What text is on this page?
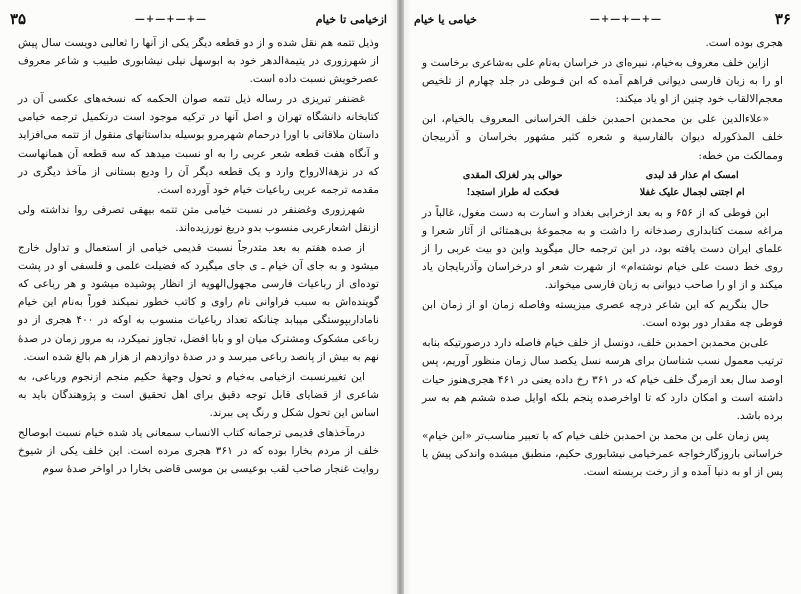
ازخیامی تا خیام
—+—+—+—
۳۵

وذیل تتمه هم نقل شده و از دو قطعه دیگر یکی از آنها را ثعالبی دویست سال پیش از شهرزوری در یتیمةالدهر خود به ابوسهل نیلی نیشابوری طبیب و شاعر معروف عصرخویش نسبت داده است.

غضنفر تبریزی در رساله ذیل تتمه صوان الحکمه که نسخه‌های عکسی آن در کتابخانه دانشگاه تهران و اصل آنها در ترکیه موجود است درتکمیل ترجمه خیامی داستان ملاقاتی با اورا درحمام شهرمرو بوسیله بداستانهای منقول از تتمه می‌افزاید و آنگاه هفت قطعه شعر عربی را به او نسبت میدهد که سه قطعه آن همانهاست که در نزهةالارواح وارد و یک قطعه دیگر آن را ودیع بستانی از مآخذ دیگری در مقدمه ترجمه عربی رباعیات خیام خود آورده است.

شهرزوری وغضنفر در نسبت خیامی متن تتمه بیهقی تصرفی روا نداشته ولی ازنقل اشعارعربی منسوب بدو دریغ نورزیده‌اند.

از صده هفتم به بعد متدرجاً نسبت قدیمی خیامی از استعمال و تداول خارج میشود و به جای آن خیام ـ ی جای میگیرد که فضیلت علمی و فلسفی او در پشت توده‌ای از رباعیات فارسی مجهول‌الهویه از انظار پوشیده میشود و هر رباعی که گوینده‌اش به سبب فراوانی نام راوی و کاتب خطور نمیکند فوراً به‌نام این خیام ناماد‌اربپوستگی میبابد چنانکه تعداد رباعیات منسوب به اوکه در ۴۰۰ هجری از دو رباعی مشکوک ومشترک میان او و بابا افضل، تجاوز نمیکرد، به مرور زمان در صدهٔ نهم به بیش از پانصد رباعی میرسد و در صدهٔ دوازدهم از هزار هم بالغ شده است.

این تغییرنسبت ازخیامی به‌خیام و تحول وجههٔ حکیم منجم ازنجوم ورباعی، به شاعری از قضایای قابل توجه دقیق برای اهل تحقیق است و پژوهندگان باید به اساس این تحول شکل و رنگ پی ببرند.

درمآخذهای قدیمی ترجمانه کتاب الانساب سمعانی یاد شده خیام نسبت ابوصالح خلف از مردم بخارا بوده که در ۳۶۱ هجری مرده است. این خلف یکی از شیوخ روایت غنجار صاحب لقب بوعیسی بن موسی قاضی بخارا در اواخر صدهٔ سوم

۳۶
—+—+—+—
خیامی یا خیام

هجری بوده است.

ازاین خلف معروف به‌خیام، نبیره‌ای در خراسان به‌نام علی به‌شاعری برخاست و او را به زبان فارسی دیوانی فراهم آمده که ابن فـوطی در جلد چهارم از تلخیص معجم‌الالقاب خود چنین از او یاد میکند:

«علاءالدین علی بن محمدبن احمدبن خلف الخراسانی المعروف بالخیام، ابن خلف المذکورله دیوان بالفارسیة و شعره کثیر مشهور بخراسان و آذربیجان وممالکت من خطه:

امسک ام عذار قد لبدی
حوالی بدر لغزلک المقدی
ام اجتنی لجمال علیک غفلا
فحکت له طراز استجد!

ابن فوطی که از ۶۵۶ و به بعد ازخرابی بغداد و اسارت به دست مغول، غالباً در مراغه سمت کتابداری رصدخانه را داشت و به مجموعهٔ بی‌همتائی از آثار شعرا و علمای ایران دست یافته بود، در این ترجمه حال میگوید واین دو بیت عربی را از روی خط دست علی خیام نوشته‌ام» از شهرت شعر او درخراسان وآذربایجان یاد میکند و از او را صاحب دیوانی به زبان فارسی میخواند.

حال بنگریم که این شاعر درچه عصری میزیسته وفاصله زمان او از زمان ابن فوطی چه مقدار دور بوده است.

علی‌بن محمدبن احمدبن خلف، دونسل از خلف خیام فاصله دارد درصورتیکه بنابه ترتیب معمول نسب شناسان برای هرسه نسل یکصد سال زمان منظور آوریم، پس اوصد سال بعد ازمرگ خلف خیام که در ۳۶۱ رخ داده یعنی در ۴۶۱ هجری‌هنوز حیات داشته است و امکان دارد که تا اواخرصده پنجم بلکه اوایل صده ششم هم به سر برده باشد.

پس زمان علی بن محمد بن احمدبن خلف خیام که با تعبیر مناسب‌تر «ابن خیام» خراسانی باروزگارخواجه عمرخیامی نیشابوری حکیم، منطبق میشده واندکی پیش یا پس از او به دنیا آمده و از رخت بربسته است.
